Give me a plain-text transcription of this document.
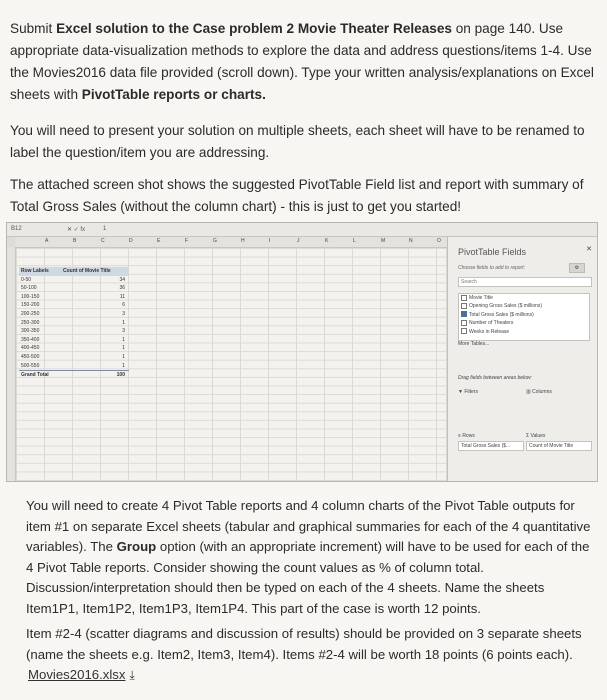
Submit Excel solution to the Case problem 2 Movie Theater Releases on page 140. Use appropriate data-visualization methods to explore the data and address questions/items 1-4. Use the Movies2016 data file provided (scroll down). Type your written analysis/explanations on Excel sheets with PivotTable reports or charts.

You will need to present your solution on multiple sheets, each sheet will have to be renamed to label the question/item you are addressing.

The attached screen shot shows the suggested PivotTable Field list and report with summary of Total Gross Sales (without the column chart) - this is just to get you started!

B12	✕ ✓ fx	1
A	B	C	D	E	F	G	H	I	J	K	L	M	N	O
Row Labels	Count of Movie Title
0-50	34
50-100	36
100-150	11
150-200	6
200-250	3
250-300	1
300-350	3
350-400	1
400-450	1
450-500	1
500-550	1
Grand Total	100
PivotTable Fields	✕
Choose fields to add to report:	⚙
Search
Movie Title
Opening Gross Sales ($ millions)
Total Gross Sales ($ millions)
Number of Theaters
Weeks in Release
More Tables...
Drag fields between areas below:
▼ Filters	▥ Columns
≡ Rows
Total Gross Sales ($...
Σ Values
Count of Movie Title

You will need to create 4 Pivot Table reports and 4 column charts of the Pivot Table outputs for item #1 on separate Excel sheets (tabular and graphical summaries for each of the 4 quantitative variables). The Group option (with an appropriate increment) will have to be used for each of the 4 Pivot Table reports. Consider showing the count values as % of column total. Discussion/interpretation should then be typed on each of the 4 sheets. Name the sheets Item1P1, Item1P2, Item1P3, Item1P4. This part of the case is worth 12 points.

Item #2-4 (scatter diagrams and discussion of results) should be provided on 3 separate sheets (name the sheets e.g. Item2, Item3, Item4). Items #2-4 will be worth 18 points (6 points each).

Movies2016.xlsx ⤓
